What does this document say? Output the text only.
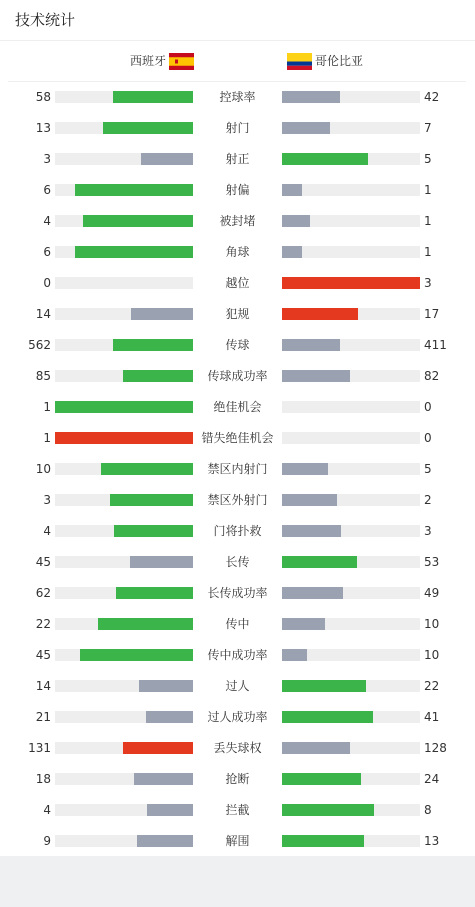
技术统计
西班牙	哥伦比亚
58	控球率	42
13	射门	7
3	射正	5
6	射偏	1
4	被封堵	1
6	角球	1
0	越位	3
14	犯规	17
562	传球	411
85	传球成功率	82
1	绝佳机会	0
1	错失绝佳机会	0
10	禁区内射门	5
3	禁区外射门	2
4	门将扑救	3
45	长传	53
62	长传成功率	49
22	传中	10
45	传中成功率	10
14	过人	22
21	过人成功率	41
131	丢失球权	128
18	抢断	24
4	拦截	8
9	解围	13
